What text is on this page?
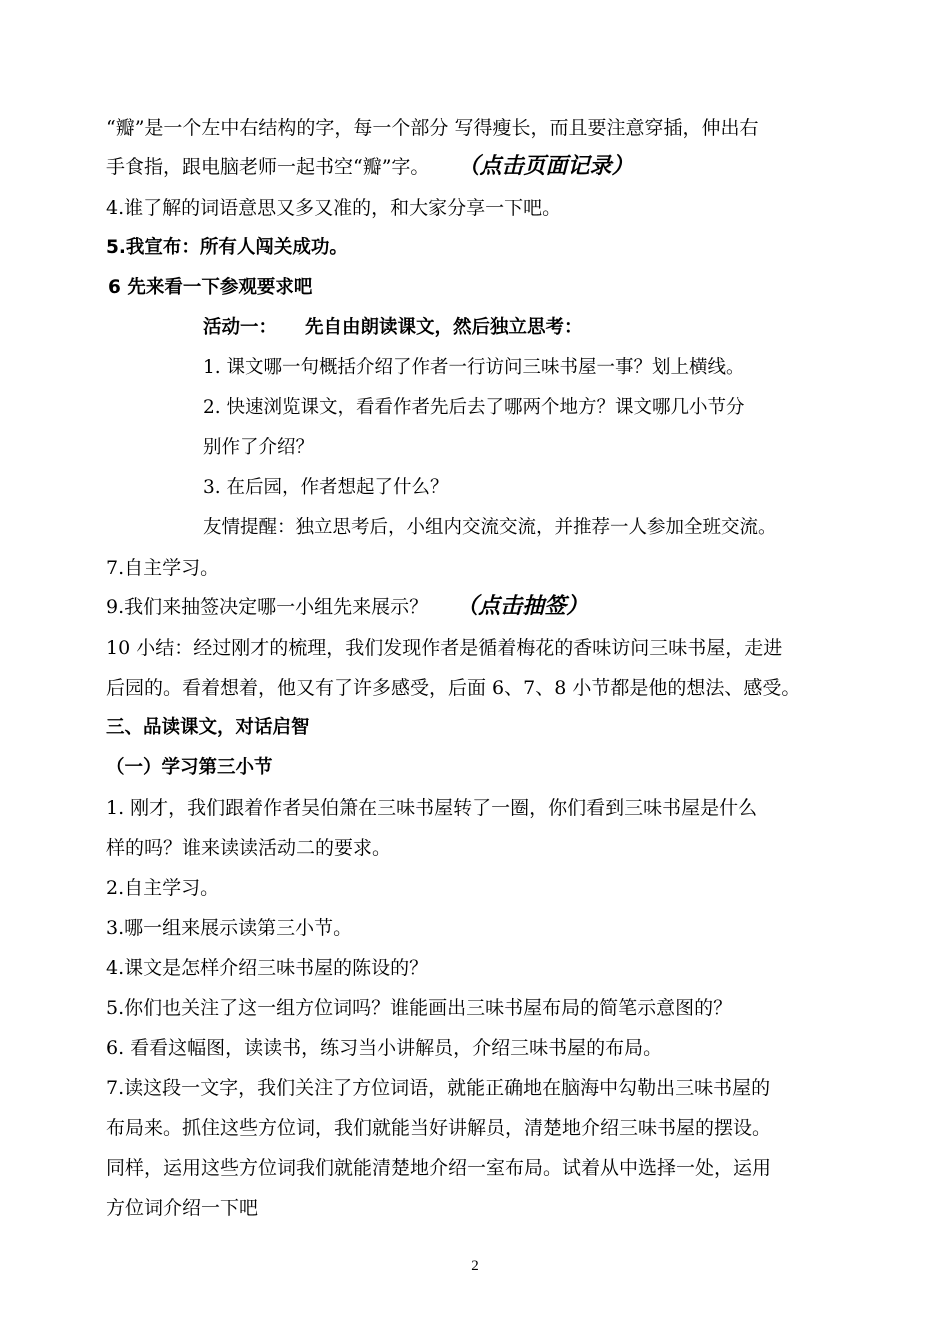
“瓣”是一个左中右结构的字，每一个部分 写得瘦长，而且要注意穿插，伸出右
手食指，跟电脑老师一起书空“瓣”字。 （点击页面记录）
4.谁了解的词语意思又多又准的，和大家分享一下吧。
5.我宣布：所有人闯关成功。
6 先来看一下参观要求吧
活动一： 先自由朗读课文，然后独立思考：
1. 课文哪一句概括介绍了作者一行访问三味书屋一事？划上横线。
2. 快速浏览课文，看看作者先后去了哪两个地方？课文哪几小节分
别作了介绍？
3. 在后园，作者想起了什么？
友情提醒：独立思考后，小组内交流交流，并推荐一人参加全班交流。
7.自主学习。
9.我们来抽签决定哪一小组先来展示？ （点击抽签）
10 小结：经过刚才的梳理，我们发现作者是循着梅花的香味访问三味书屋，走进
后园的。看着想着，他又有了许多感受，后面 6、7、8 小节都是他的想法、感受。
三、品读课文，对话启智
（一）学习第三小节
1. 刚才，我们跟着作者吴伯箫在三味书屋转了一圈，你们看到三味书屋是什么
样的吗？谁来读读活动二的要求。
2.自主学习。
3.哪一组来展示读第三小节。
4.课文是怎样介绍三味书屋的陈设的？
5.你们也关注了这一组方位词吗？谁能画出三味书屋布局的简笔示意图的？
6. 看看这幅图，读读书，练习当小讲解员，介绍三味书屋的布局。
7.读这段一文字，我们关注了方位词语，就能正确地在脑海中勾勒出三味书屋的
布局来。抓住这些方位词，我们就能当好讲解员，清楚地介绍三味书屋的摆设。
同样，运用这些方位词我们就能清楚地介绍一室布局。试着从中选择一处，运用
方位词介绍一下吧
2
